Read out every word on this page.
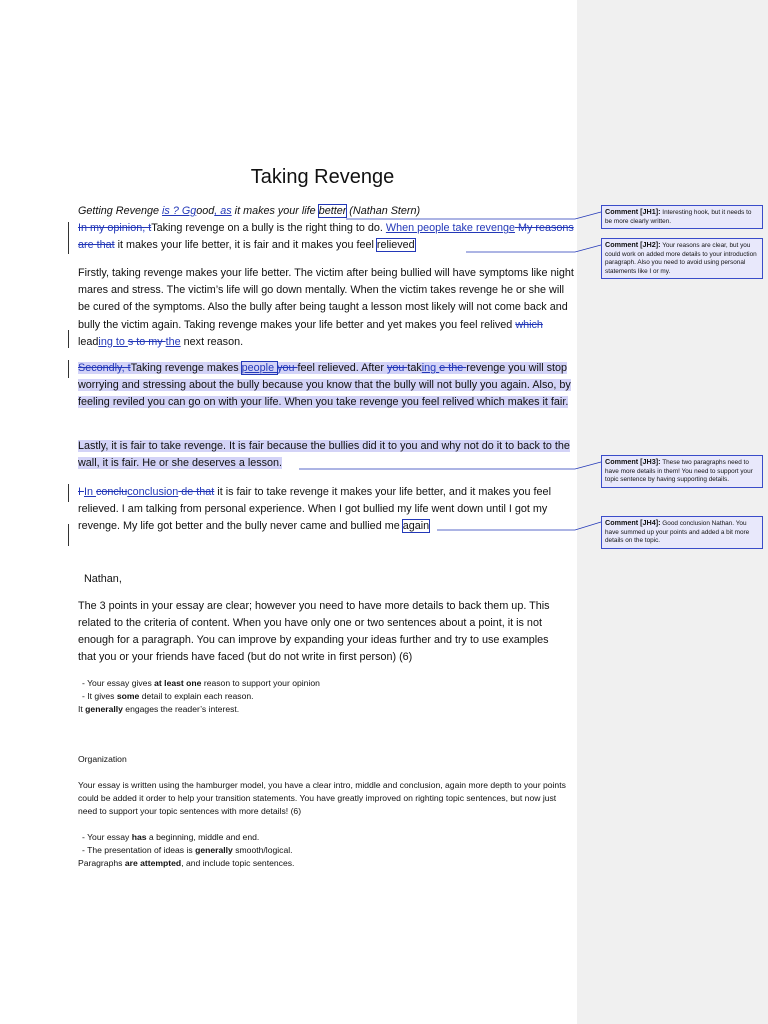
Taking Revenge
Getting Revenge is ? Ggood, as it makes your life better (Nathan Stern)
In my opinion, tTaking revenge on a bully is the right thing to do. When people take revenge My reasons are that it makes your life better, it is fair and it makes you feel relieved
Firstly, taking revenge makes your life better. The victim after being bullied will have symptoms like night mares and stress. The victim’s life will go down mentally. When the victim takes revenge he or she will be cured of the symptoms. Also the bully after being taught a lesson most likely will not come back and bully the victim again. Taking revenge makes your life better and yet makes you feel relived which leading to s to my the next reason.
Secondly, tTaking revenge makes people you feel relieved. After you taking e the revenge you will stop worrying and stressing about the bully because you know that the bully will not bully you again. Also, by feeling reviled you can go on with your life. When you take revenge you feel relived which makes it fair.
Lastly, it is fair to take revenge. It is fair because the bullies did it to you and why not do it to back to the wall, it is fair. He or she deserves a lesson.
I In concluconclusion de that it is fair to take revenge it makes your life better, and it makes you feel relieved. I am talking from personal experience. When I got bullied my life went down until I got my revenge. My life got better and the bully never came and bullied me again
Comment [JH1]: Interesting hook, but it needs to be more clearly written.
Comment [JH2]: Your reasons are clear, but you could work on added more details to your introduction paragraph. Also you need to avoid using personal statements like I or my.
Comment [JH3]: These two paragraphs need to have more details in them! You need to support your topic sentence by having supporting details.
Comment [JH4]: Good conclusion Nathan. You have summed up your points and added a bit more details on the topic.
Nathan,
The 3 points in your essay are clear; however you need to have more details to back them up. This related to the criteria of content. When you have only one or two sentences about a point, it is not enough for a paragraph. You can improve by expanding your ideas further and try to use examples that you or your friends have faced (but do not write in first person) (6)
- Your essay gives at least one reason to support your opinion
- It gives some detail to explain each reason.
It generally engages the reader’s interest.
Organization
Your essay is written using the hamburger model, you have a clear intro, middle and conclusion, again more depth to your points could be added it order to help your transition statements. You have greatly improved on righting topic sentences, but now just need to support your topic sentences with more details! (6)
- Your essay has a beginning, middle and end.
- The presentation of ideas is generally smooth/logical.
Paragraphs are attempted, and include topic sentences.
